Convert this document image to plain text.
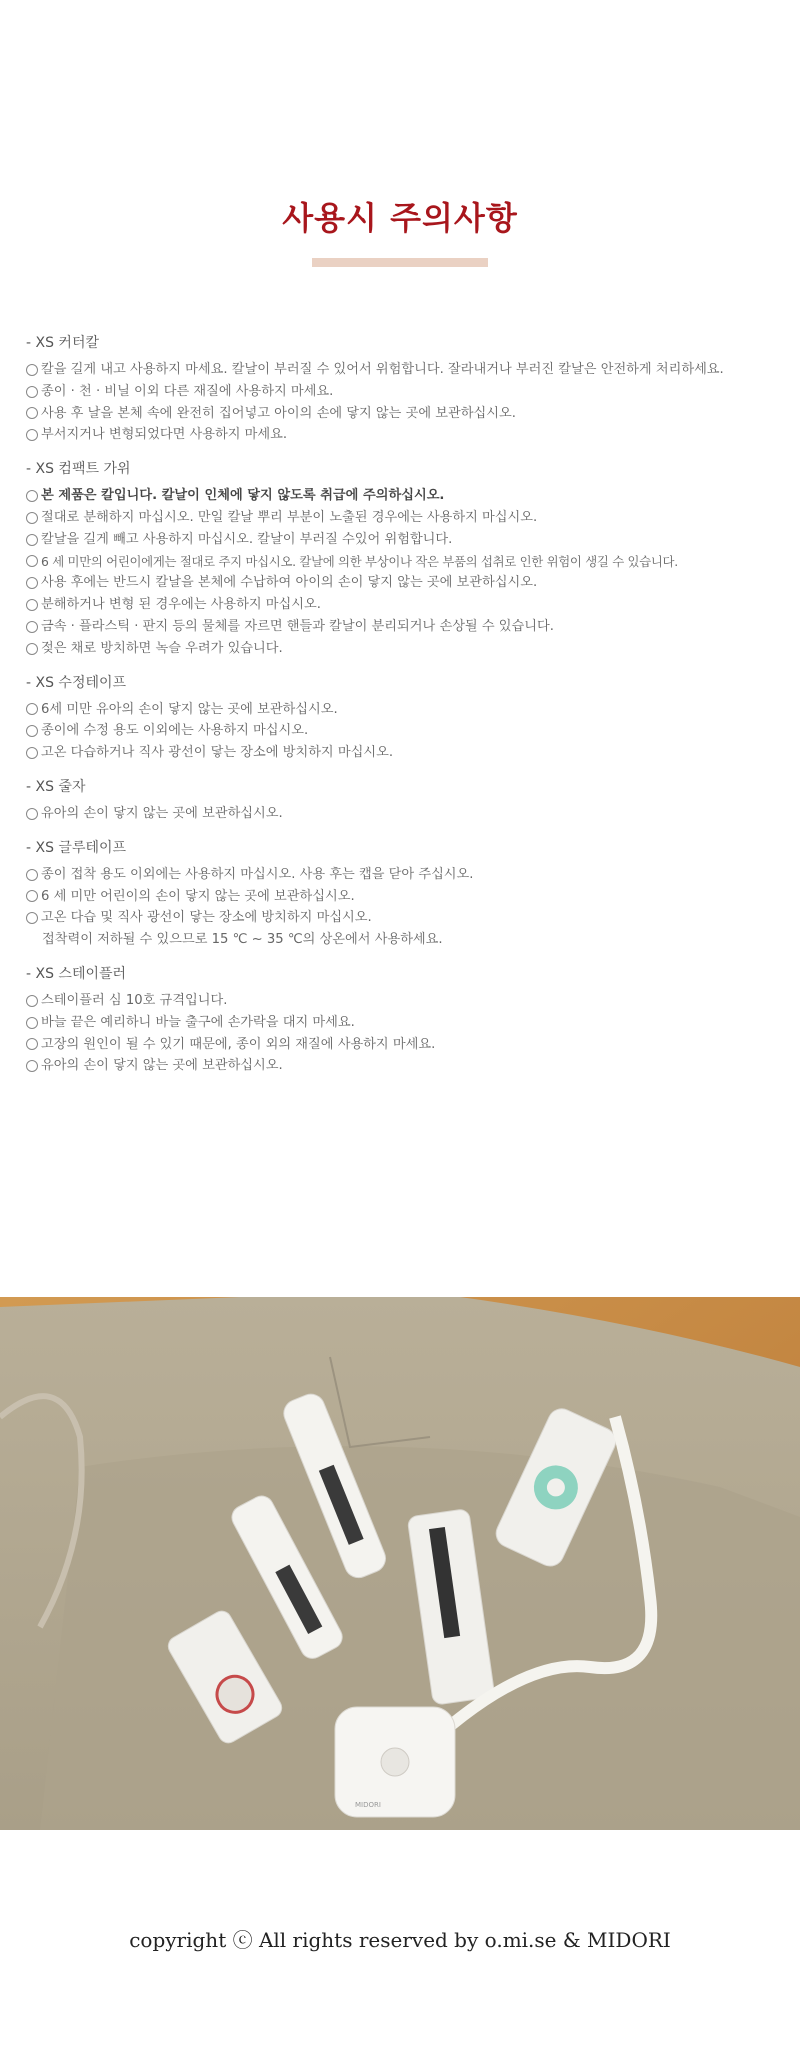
사용시 주의사항
- XS 커터칼
칼을 길게 내고 사용하지 마세요. 칼날이 부러질 수 있어서 위험합니다. 잘라내거나 부러진 칼날은 안전하게 처리하세요.
종이 · 천 · 비닐 이외 다른 재질에 사용하지 마세요.
사용 후 날을 본체 속에 완전히 집어넣고 아이의 손에 닿지 않는 곳에 보관하십시오.
부서지거나 변형되었다면 사용하지 마세요.
- XS 컴팩트 가위
본 제품은 칼입니다. 칼날이 인체에 닿지 않도록 취급에 주의하십시오.
절대로 분해하지 마십시오. 만일 칼날 뿌리 부분이 노출된 경우에는 사용하지 마십시오.
칼날을 길게 빼고 사용하지 마십시오. 칼날이 부러질 수있어 위험합니다.
6 세 미만의 어린이에게는 절대로 주지 마십시오. 칼날에 의한 부상이나 작은 부품의 섭취로 인한 위험이 생길 수 있습니다.
사용 후에는 반드시 칼날을 본체에 수납하여 아이의 손이 닿지 않는 곳에 보관하십시오.
분해하거나 변형 된 경우에는 사용하지 마십시오.
금속 · 플라스틱 · 판지 등의 물체를 자르면 핸들과 칼날이 분리되거나 손상될 수 있습니다.
젖은 채로 방치하면 녹슬 우려가 있습니다.
- XS 수정테이프
6세 미만 유아의 손이 닿지 않는 곳에 보관하십시오.
종이에 수정 용도 이외에는 사용하지 마십시오.
고온 다습하거나 직사 광선이 닿는 장소에 방치하지 마십시오.
- XS 줄자
유아의 손이 닿지 않는 곳에 보관하십시오.
- XS 글루테이프
종이 접착 용도 이외에는 사용하지 마십시오. 사용 후는 캡을 닫아 주십시오.
6 세 미만 어린이의 손이 닿지 않는 곳에 보관하십시오.
고온 다습 및 직사 광선이 닿는 장소에 방치하지 마십시오.
접착력이 저하될 수 있으므로 15 ℃ ~ 35 ℃의 상온에서 사용하세요.
- XS 스테이플러
스테이플러 심 10호 규격입니다.
바늘 끝은 예리하니 바늘 출구에 손가락을 대지 마세요.
고장의 원인이 될 수 있기 때문에, 종이 외의 재질에 사용하지 마세요.
유아의 손이 닿지 않는 곳에 보관하십시오.
MIDORI

copyright ⓒ All rights reserved by o.mi.se & MIDORI
